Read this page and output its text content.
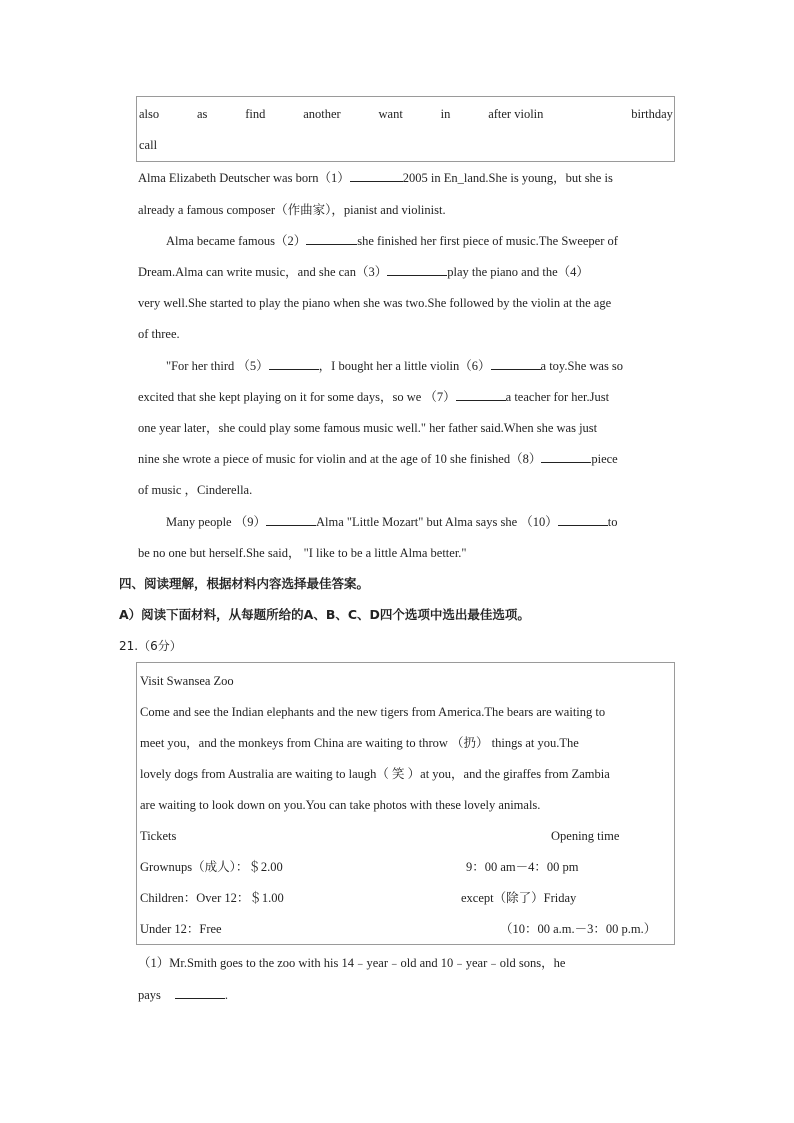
also	as	find	another	want	in	after violin	birthday
call
Alma Elizabeth Deutscher was born（1）	2005 in En_land.She is young，but she is
already a famous composer（作曲家），pianist and violinist.
Alma became famous（2）	she finished her first piece of music.The Sweeper of
Dream.Alma can write music，and she can（3）	play the piano and the（4）
very well.She started to play the piano when she was two.She followed by the violin at the age
of three.
"For her third （5）	，I bought her a little violin（6）	a toy.She was so
excited that she kept playing on it for some days，so we （7）	a teacher for her.Just
one year later，she could play some famous music well." her father said.When she was just
nine she wrote a piece of music for violin and at the age of 10 she finished（8）	piece
of music ，Cinderella.
Many people （9）	Alma "Little Mozart" but Alma says she （10）	to
be no one but herself.She said， "I like to be a little Alma better."
四、阅读理解，根据材料内容选择最佳答案。
A）阅读下面材料，从每题所给的A、B、C、D四个选项中选出最佳选项。
21.（6分）
Visit Swansea Zoo
Come and see the Indian elephants and the new tigers from America.The bears are waiting to
meet you，and the monkeys from China are waiting to throw （扔） things at you.The
lovely dogs from Australia are waiting to laugh（ 笑 ）at you，and the giraffes from Zambia
are waiting to look down on you.You can take photos with these lovely animals.
Tickets	Opening time
Grownups（成人）：＄2.00	9：00 am－4：00 pm
Children：Over 12：＄1.00	except（除了）Friday
Under 12：Free	（10：00 a.m.－3：00 p.m.）
（1）Mr.Smith goes to the zoo with his 14﹣year﹣old and 10﹣year﹣old sons，he
pays	.
